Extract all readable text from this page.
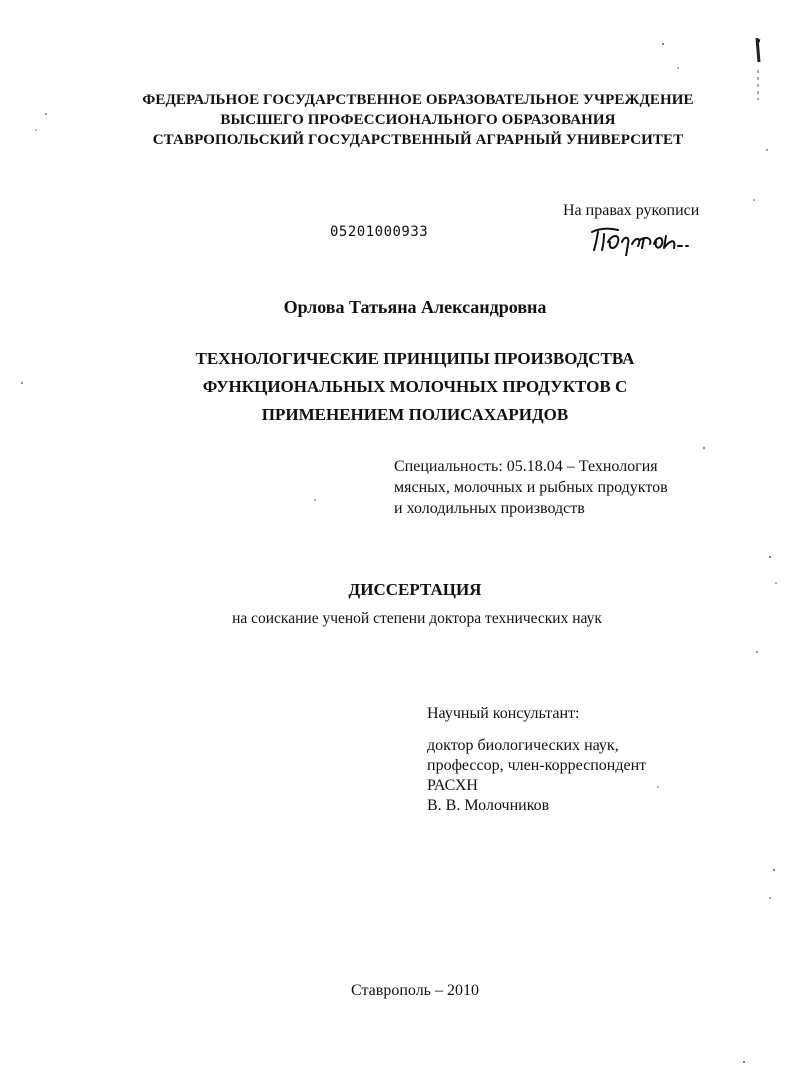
ФЕДЕРАЛЬНОЕ ГОСУДАРСТВЕННОЕ ОБРАЗОВАТЕЛЬНОЕ УЧРЕЖДЕНИЕ
ВЫСШЕГО ПРОФЕССИОНАЛЬНОГО ОБРАЗОВАНИЯ
СТАВРОПОЛЬСКИЙ ГОСУДАРСТВЕННЫЙ АГРАРНЫЙ УНИВЕРСИТЕТ
На правах рукописи
05201000933
Орлова Татьяна Александровна
ТЕХНОЛОГИЧЕСКИЕ ПРИНЦИПЫ ПРОИЗВОДСТВА
ФУНКЦИОНАЛЬНЫХ МОЛОЧНЫХ ПРОДУКТОВ С
ПРИМЕНЕНИЕМ ПОЛИСАХАРИДОВ
Специальность: 05.18.04 – Технология
мясных, молочных и рыбных продуктов
и холодильных производств
ДИССЕРТАЦИЯ
на соискание ученой степени доктора технических наук
Научный консультант:
доктор биологических наук,
профессор, член-корреспондент
РАСХН
В. В. Молочников
Ставрополь – 2010
